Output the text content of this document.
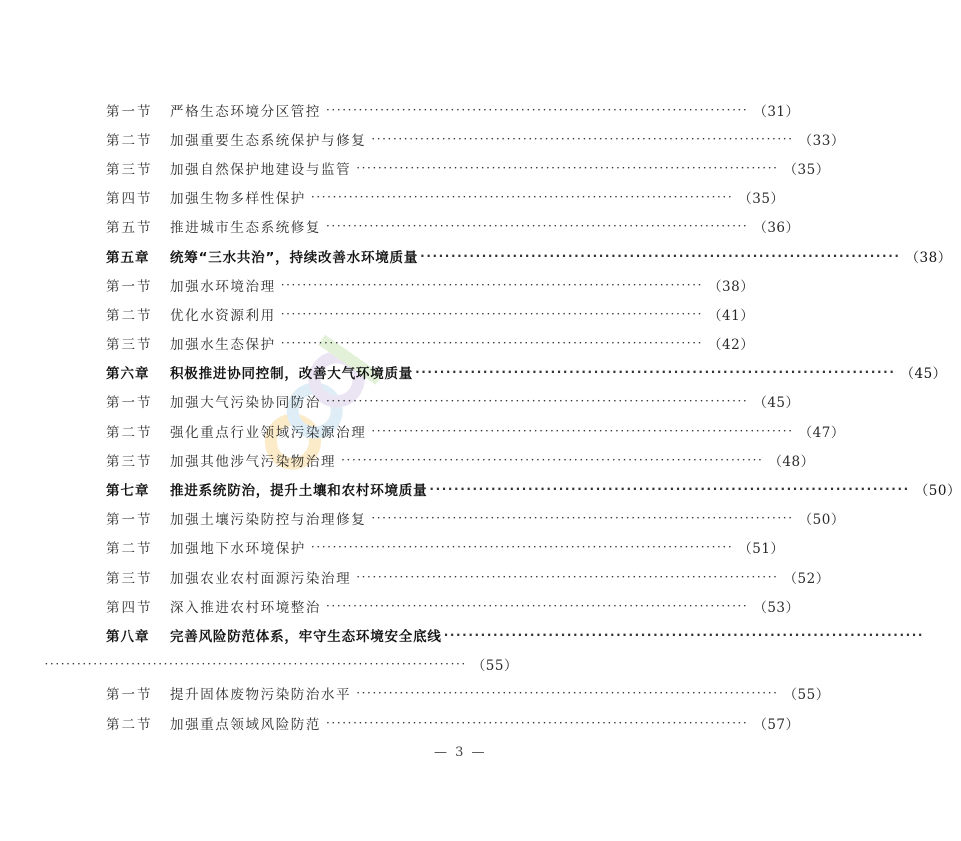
第一节	严格生态环境分区管控 ·············································································· （31）
第二节	加强重要生态系统保护与修复 ·············································································· （33）
第三节	加强自然保护地建设与监管 ·············································································· （35）
第四节	加强生物多样性保护 ·············································································· （35）
第五节	推进城市生态系统修复 ·············································································· （36）
第五章	统筹“三水共治”，持续改善水环境质量 ·············································································· （38）
第一节	加强水环境治理 ·············································································· （38）
第二节	优化水资源利用 ·············································································· （41）
第三节	加强水生态保护 ·············································································· （42）
第六章	积极推进协同控制，改善大气环境质量 ·············································································· （45）
第一节	加强大气污染协同防治 ·············································································· （45）
第二节	强化重点行业领域污染源治理 ·············································································· （47）
第三节	加强其他涉气污染物治理 ·············································································· （48）
第七章	推进系统防治，提升土壤和农村环境质量 ·············································································· （50）
第一节	加强土壤污染防控与治理修复 ·············································································· （50）
第二节	加强地下水环境保护 ·············································································· （51）
第三节	加强农业农村面源污染治理 ·············································································· （52）
第四节	深入推进农村环境整治 ·············································································· （53）
第八章	完善风险防范体系，牢守生态环境安全底线 ··············································································
·············································································· （55）
第一节	提升固体废物污染防治水平 ·············································································· （55）
第二节	加强重点领域风险防范 ·············································································· （57）
— 3 —
